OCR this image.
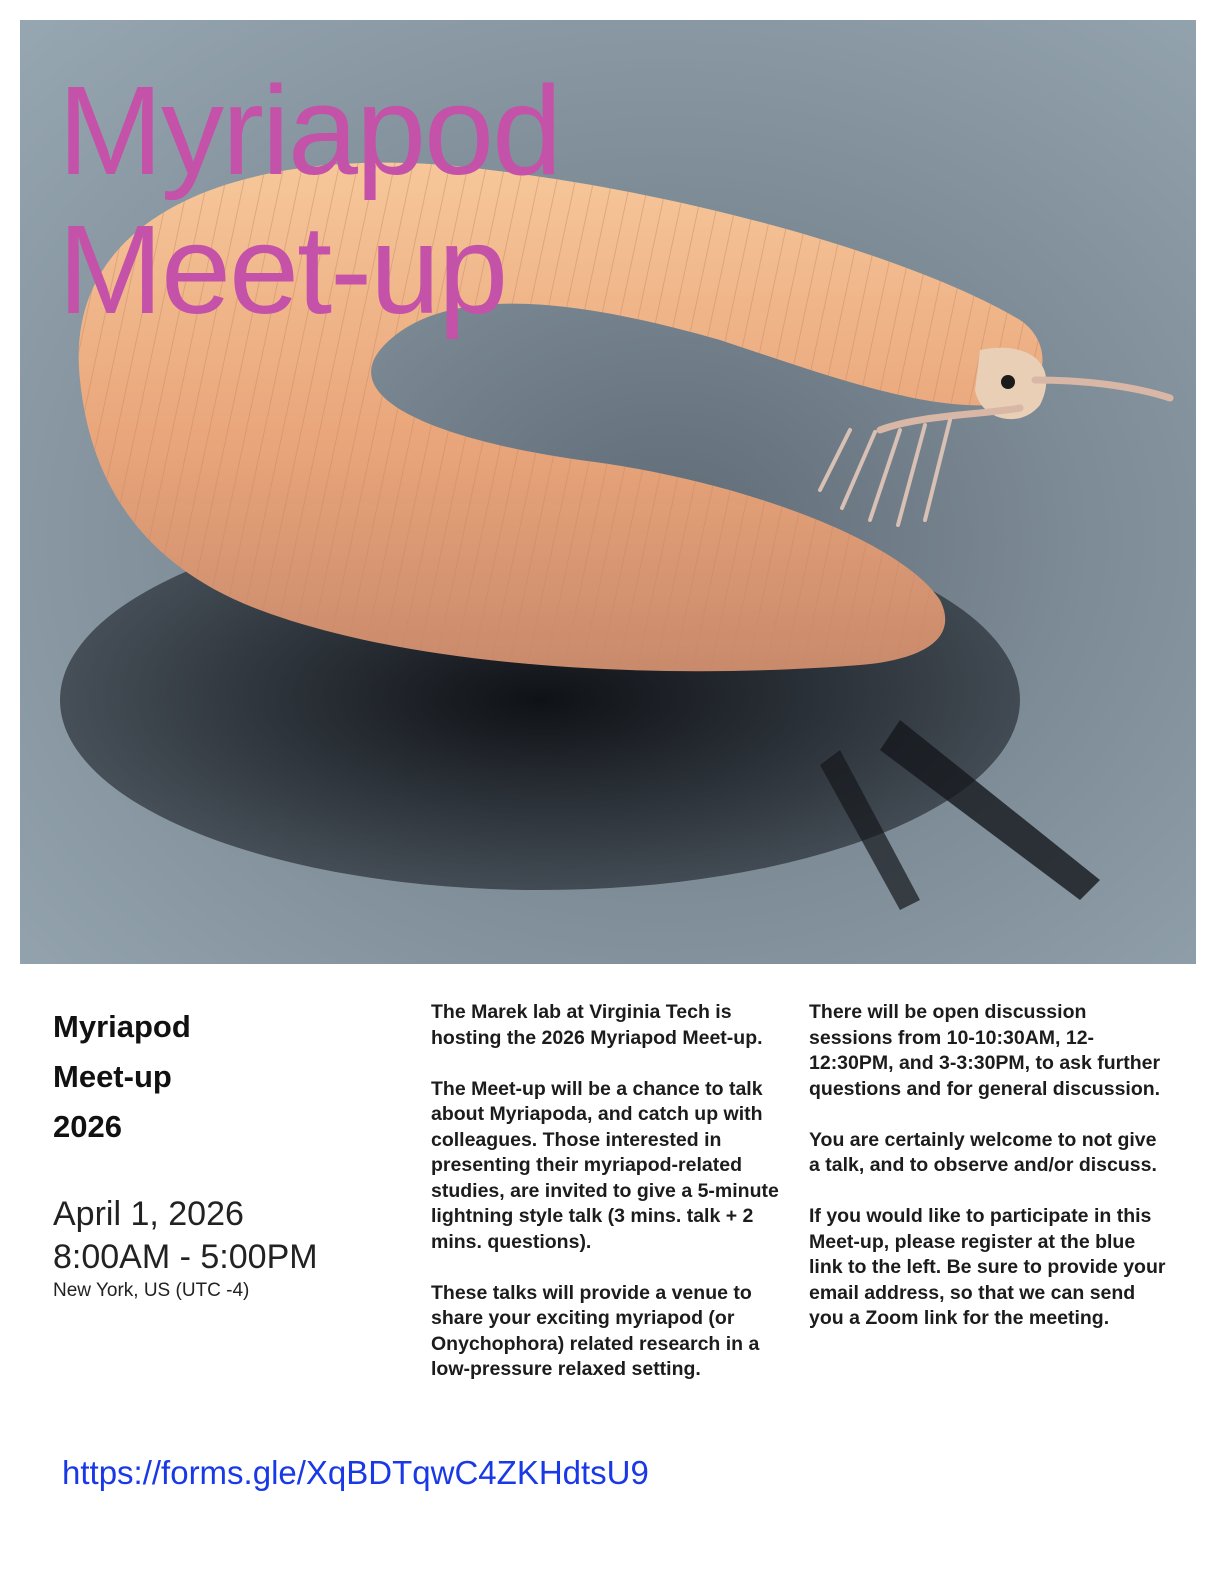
Myriapod
Meet-up
Myriapod
Meet-up
2026
April 1, 2026
8:00AM - 5:00PM
New York, US (UTC -4)

The Marek lab at Virginia Tech is hosting the 2026 Myriapod Meet-up.

The Meet-up will be a chance to talk about Myriapoda, and catch up with colleagues. Those interested in presenting their myriapod-related studies, are invited to give a 5-minute lightning style talk (3 mins. talk + 2 mins. questions).

These talks will provide a venue to share your exciting myriapod (or Onychophora) related research in a low-pressure relaxed setting.

There will be open discussion sessions from 10-10:30AM, 12-12:30PM, and 3-3:30PM, to ask further questions and for general discussion.

You are certainly welcome to not give a talk, and to observe and/or discuss.

If you would like to participate in this Meet-up, please register at the blue link to the left. Be sure to provide your email address, so that we can send you a Zoom link for the meeting.

https://forms.gle/XqBDTqwC4ZKHdtsU9
